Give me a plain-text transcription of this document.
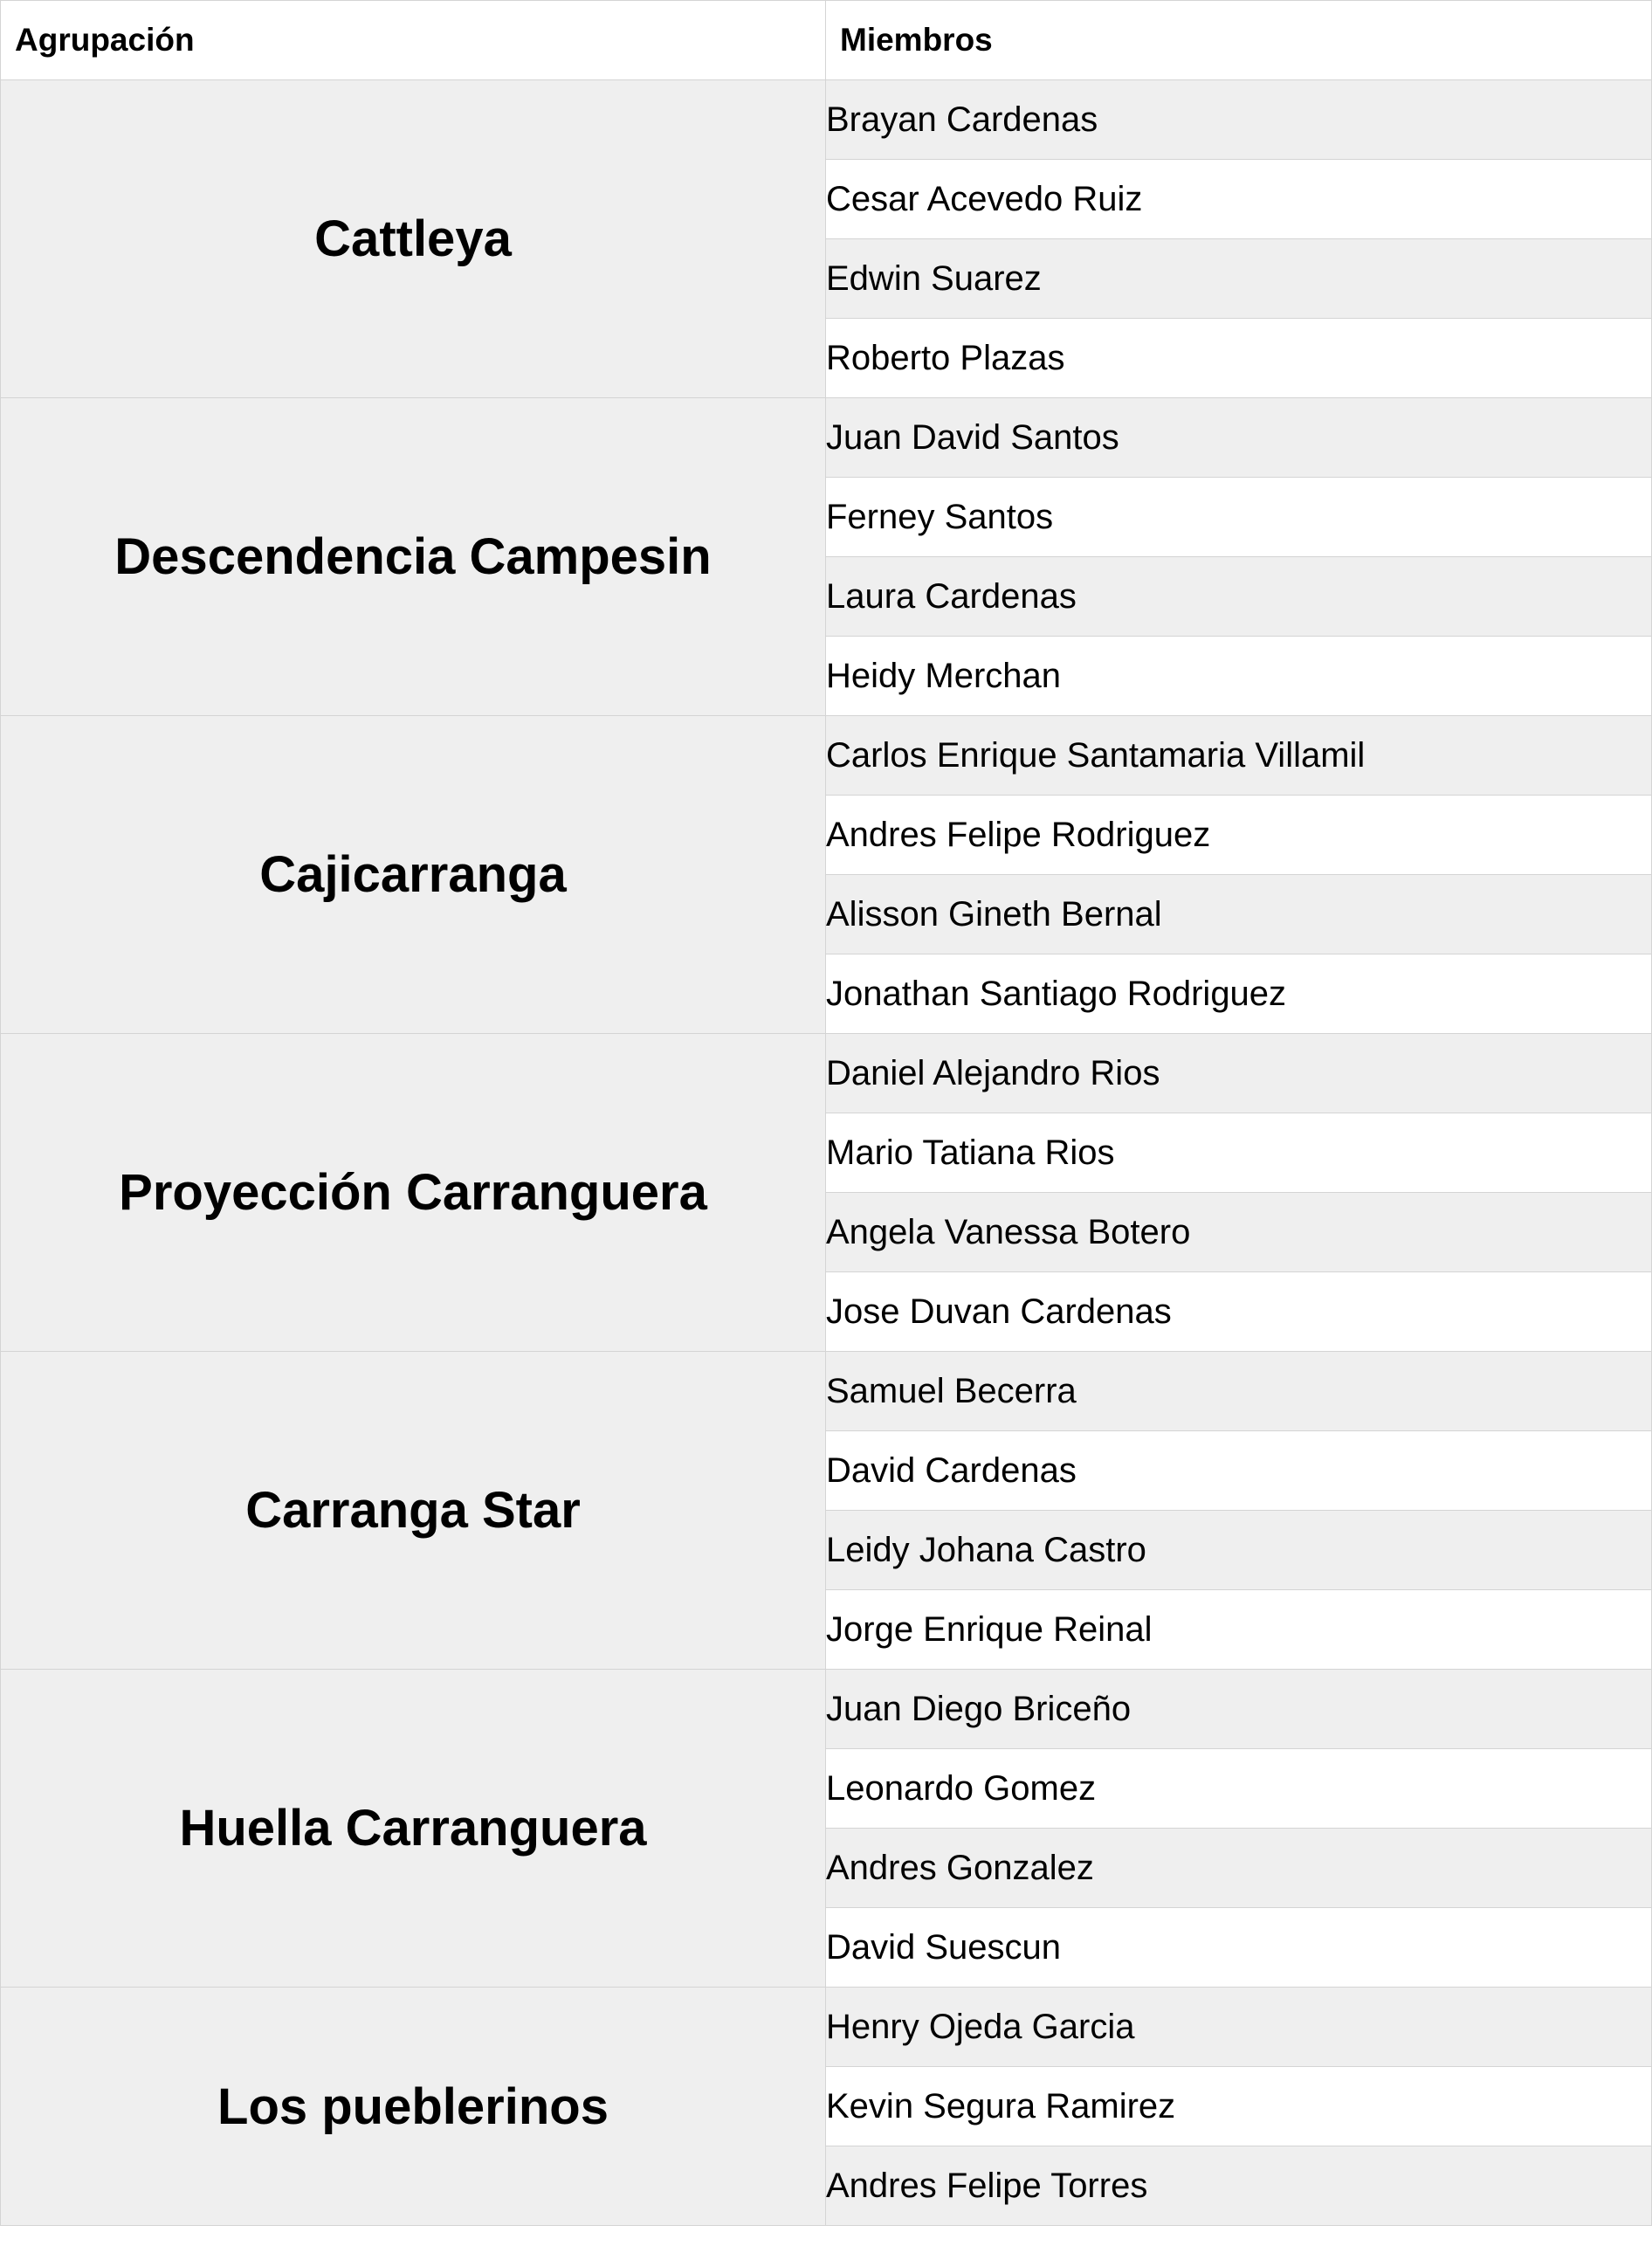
Agrupación	Miembros

Cattleya	Brayan Cardenas
	Cesar Acevedo Ruiz
	Edwin Suarez
	Roberto Plazas

Descendencia Campesin	Juan David Santos
	Ferney Santos
	Laura Cardenas
	Heidy Merchan

Cajicarranga	Carlos Enrique Santamaria Villamil
	Andres Felipe Rodriguez
	Alisson Gineth Bernal
	Jonathan Santiago Rodriguez

Proyección Carranguera	Daniel Alejandro Rios
	Mario Tatiana Rios
	Angela Vanessa Botero
	Jose Duvan Cardenas

Carranga Star	Samuel Becerra
	David Cardenas
	Leidy Johana Castro
	Jorge Enrique Reinal

Huella Carranguera	Juan Diego Briceño
	Leonardo Gomez
	Andres Gonzalez
	David Suescun

Los pueblerinos	Henry Ojeda Garcia
	Kevin Segura Ramirez
	Andres Felipe Torres
